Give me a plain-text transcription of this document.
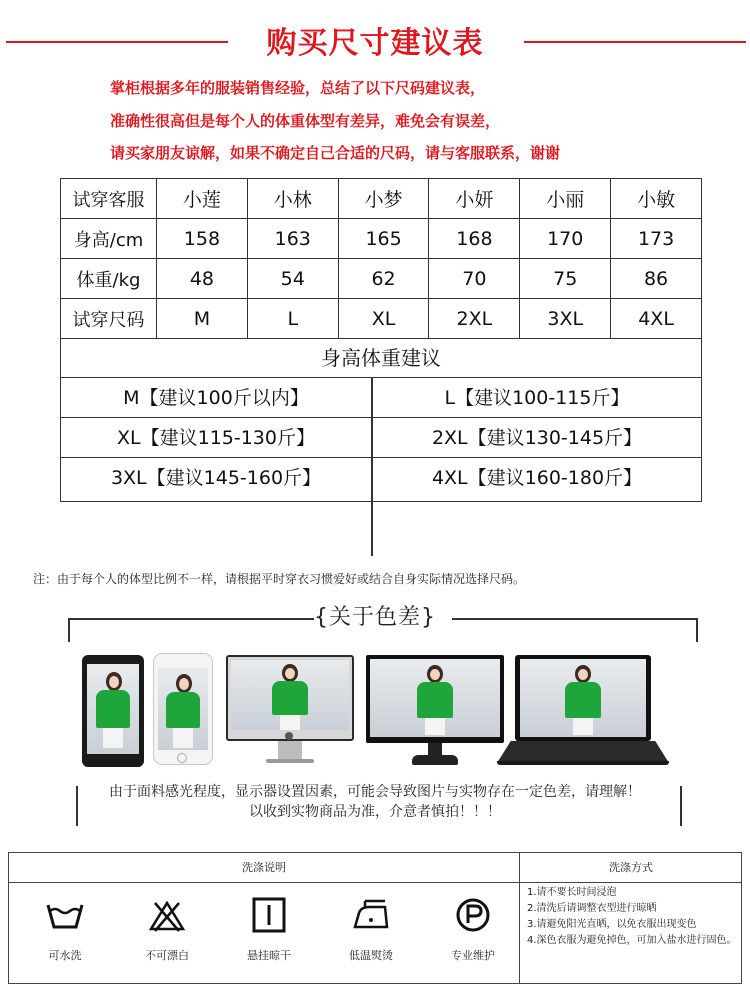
购买尺寸建议表
掌柜根据多年的服装销售经验，总结了以下尺码建议表，
准确性很高但是每个人的体重体型有差异，难免会有误差，
请买家朋友谅解，如果不确定自己合适的尺码，请与客服联系，谢谢
试穿客服	小莲	小林	小梦	小妍	小丽	小敏
身高/cm	158	163	165	168	170	173
体重/kg	48	54	62	70	75	86
试穿尺码	M	L	XL	2XL	3XL	4XL
身高体重建议
M【建议100斤以内】	L【建议100-115斤】
XL【建议115-130斤】	2XL【建议130-145斤】
3XL【建议145-160斤】	4XL【建议160-180斤】
注：由于每个人的体型比例不一样，请根据平时穿衣习惯爱好或结合自身实际情况选择尺码。
{关于色差}
由于面料感光程度，显示器设置因素，可能会导致图片与实物存在一定色差，请理解！
以收到实物商品为准，介意者慎拍！！！
洗涤说明	洗涤方式
可水洗	不可漂白	悬挂晾干	低温熨烫	专业维护
1.请不要长时间浸泡
2.清洗后请调整衣型进行晾晒
3.请避免阳光直晒，以免衣服出现变色
4.深色衣服为避免掉色，可加入盐水进行固色。
